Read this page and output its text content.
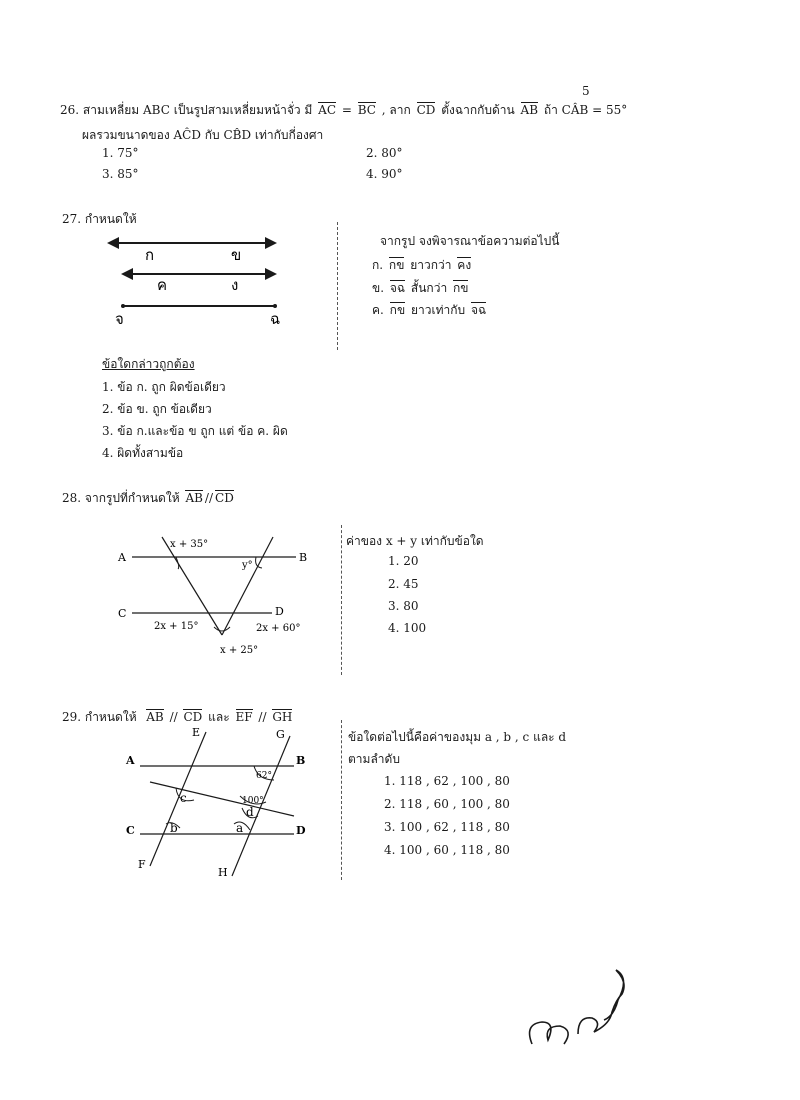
5
26. สามเหลี่ยม ABC เป็นรูปสามเหลี่ยมหน้าจั่ว มี AC = BC , ลาก CD ตั้งฉากกับด้าน AB ถ้า CÂB = 55°
ผลรวมขนาดของ AĈD กับ CB̂D เท่ากับกี่องศา
1. 75°	2. 80°
3. 85°	4. 90°
27. กำหนดให้
ก	ข
ค	ง
จ	ฉ
จากรูป จงพิจารณาข้อความต่อไปนี้
ก. กข ยาวกว่า คง
ข. จฉ สั้นกว่า กข
ค. กข ยาวเท่ากับ จฉ
ข้อใดกล่าวถูกต้อง
1. ข้อ ก. ถูก ผิดข้อเดียว
2. ข้อ ข. ถูก ข้อเดียว
3. ข้อ ก.และข้อ ข ถูก แต่ ข้อ ค. ผิด
4. ผิดทั้งสามข้อ
28. จากรูปที่กำหนดให้ AB // CD
A	B
C	D
x + 35°
y°
2x + 15°	2x + 60°
x + 25°
ค่าของ x + y เท่ากับข้อใด
1. 20
2. 45
3. 80
4. 100
29. กำหนดให้ AB // CD และ EF // GH
A	B
C	D
E
F
G
H
62°
100°
c
d
b	a
ข้อใดต่อไปนี้คือค่าของมุม a , b , c และ d
ตามลำดับ
1. 118 , 62 , 100 , 80
2. 118 , 60 , 100 , 80
3. 100 , 62 , 118 , 80
4. 100 , 60 , 118 , 80
